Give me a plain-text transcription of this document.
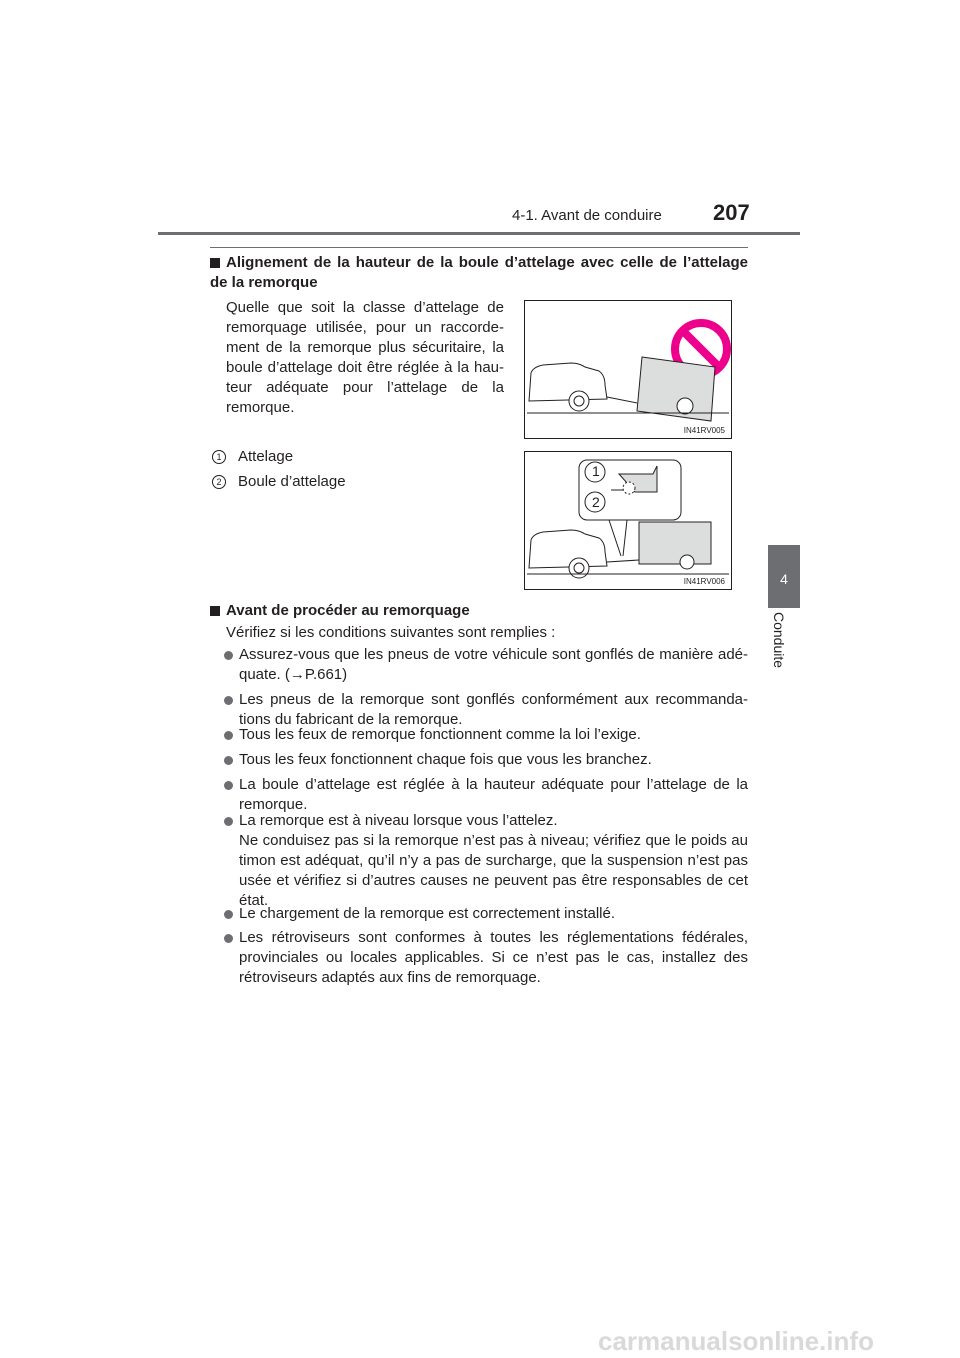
4-1. Avant de conduire 207
4
Conduite
Alignement de la hauteur de la boule d’attelage avec celle de l’attelage de la remorque
Quelle que soit la classe d’attelage de remorquage utilisée, pour un raccorde-ment de la remorque plus sécuritaire, la boule d’attelage doit être réglée à la hau-teur adéquate pour l’attelage de la remorque.
IN41RV005
1 Attelage
2 Boule d’attelage
1
2
IN41RV006
Avant de procéder au remorquage
Vérifiez si les conditions suivantes sont remplies :
Assurez-vous que les pneus de votre véhicule sont gonflés de manière adé-quate. (→P.661)
Les pneus de la remorque sont gonflés conformément aux recommanda-tions du fabricant de la remorque.
Tous les feux de remorque fonctionnent comme la loi l’exige.
Tous les feux fonctionnent chaque fois que vous les branchez.
La boule d’attelage est réglée à la hauteur adéquate pour l’attelage de la remorque.
La remorque est à niveau lorsque vous l’attelez.
Ne conduisez pas si la remorque n’est pas à niveau; vérifiez que le poids au timon est adéquat, qu’il n’y a pas de surcharge, que la suspension n’est pas usée et vérifiez si d’autres causes ne peuvent pas être responsables de cet état.
Le chargement de la remorque est correctement installé.
Les rétroviseurs sont conformes à toutes les réglementations fédérales, provinciales ou locales applicables. Si ce n’est pas le cas, installez des rétroviseurs adaptés aux fins de remorquage.
carmanualsonline.info
